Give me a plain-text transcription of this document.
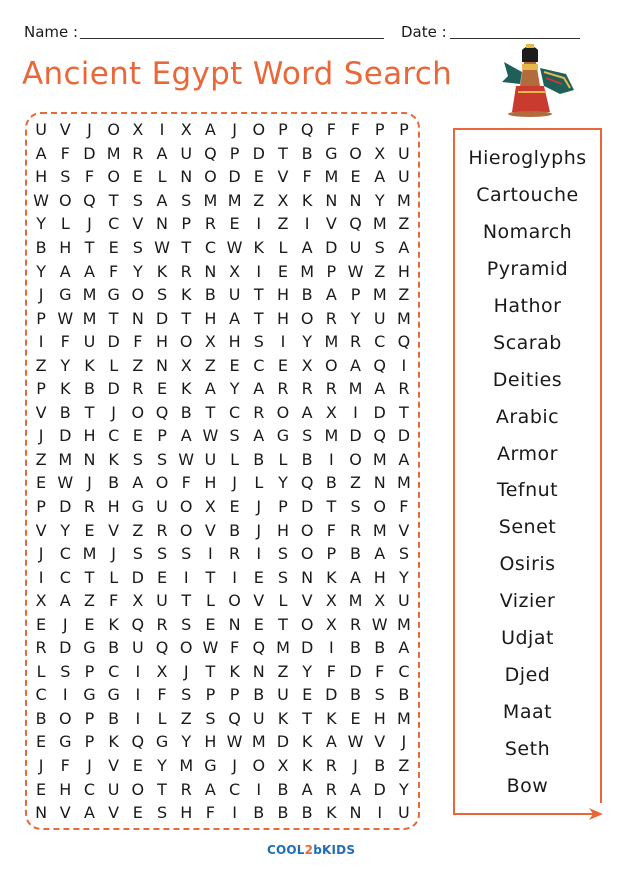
Name :	Date :
Ancient Egypt Word Search
U V	J O X	I	X A	J O P Q F F P P
A F D M R A U Q P D T B G O X U
H S F O E L N O D E V F M E A U
W O Q T S A S M M Z X K N N Y M
Y L	J	C V N P R E	I	Z	I	V Q M Z
B H T E S W T C W K L A D U S A
Y A A F Y K R N X	I	E M P W Z H
J G M G O S K B U T H B A P M Z
P W M T N D T H A T H O R Y U M
I	F U D F H O X H S	I	Y M R C Q
Z Y K L Z N X Z E C E X O A Q I
P K B D R E K A Y A R R R M A R
V B T	J O Q B T C R O A X	I D T
J D H C E P A W S A G S M D Q D
Z M N K S S W U L B L B	I O M A
E W J	B A O F H J	L Y Q B Z N M
P D R H G U O X E	J	P D T S O F
V Y E V Z R O V B	J H O F R M V
J	C M J	S S S	I	R	I	S O P B A S
I	C T L D E	I	T	I	E S N K A H Y
X A Z F X U T L O V L V X M X U
E	J	E K Q R S E N E T O X R W M
R D G B U Q O W F Q M D I	B B A
L S P C	I	X	J	T K N Z Y F D F C
C	I G G I	F S P P B U E D B S B
B O P B	I	L Z S Q U K T K E H M
E G P K Q G Y H W M D K A W V	J
J	F	J	V E Y M G J O X K R	J	B Z
E H C U O T R A C	I	B A R A D Y
N V A V E S H F	I	B B B K N I U
Hieroglyphs
Cartouche
Nomarch
Pyramid
Hathor
Scarab
Deities
Arabic
Armor
Tefnut
Senet
Osiris
Vizier
Udjat
Djed
Maat
Seth
Bow
COOL2bKIDS
